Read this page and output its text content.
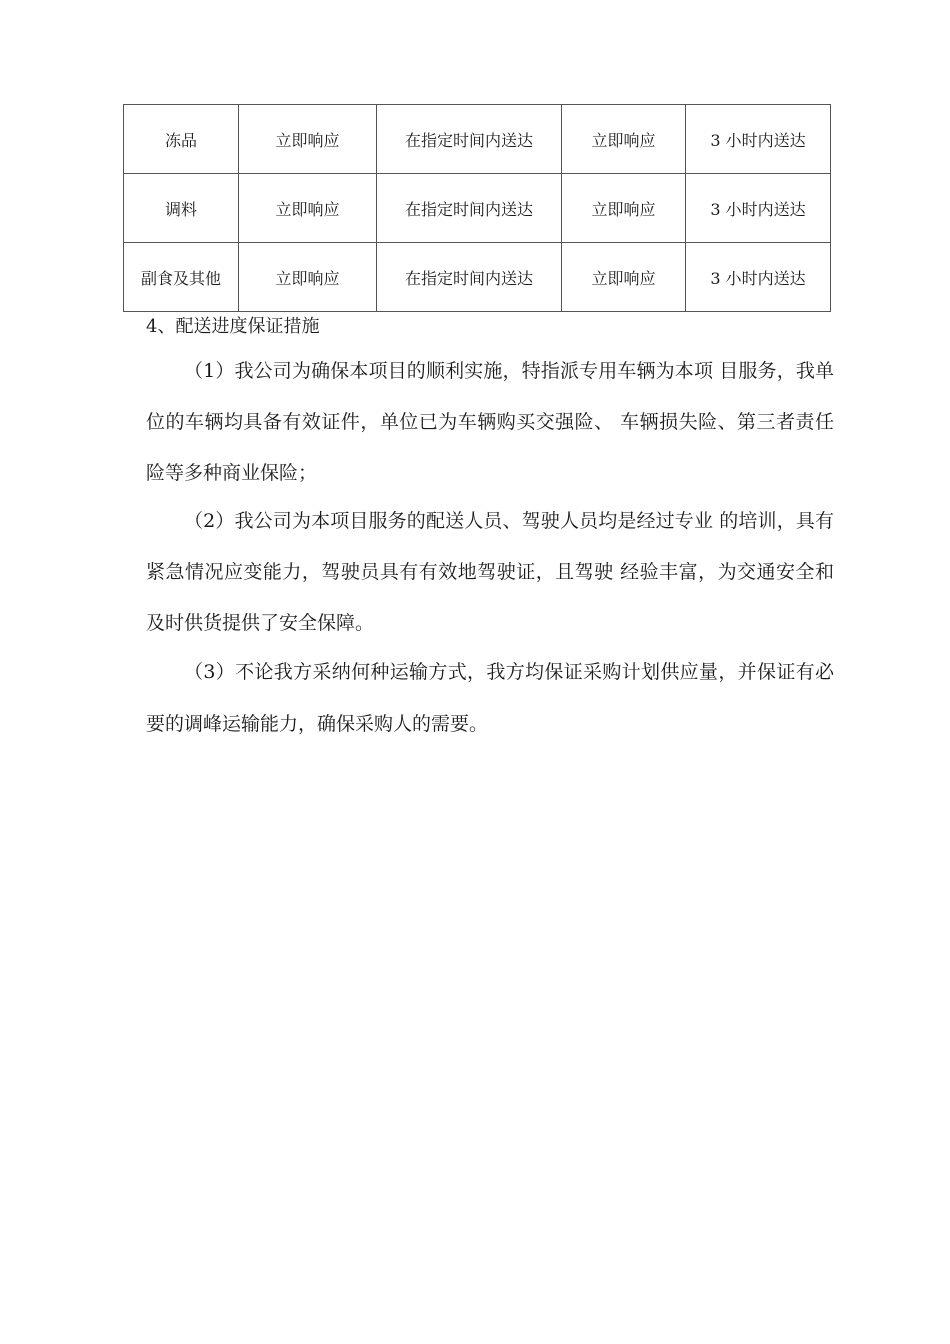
冻品	立即响应	在指定时间内送达	立即响应	3 小时内送达
调料	立即响应	在指定时间内送达	立即响应	3 小时内送达
副食及其他	立即响应	在指定时间内送达	立即响应	3 小时内送达

4、配送进度保证措施

（1）我公司为确保本项目的顺利实施，特指派专用车辆为本项 目服务，我单位的车辆均具备有效证件，单位已为车辆购买交强险、 车辆损失险、第三者责任险等多种商业保险；

（2）我公司为本项目服务的配送人员、驾驶人员均是经过专业 的培训，具有紧急情况应变能力，驾驶员具有有效地驾驶证，且驾驶 经验丰富，为交通安全和及时供货提供了安全保障。

（3）不论我方采纳何种运输方式，我方均保证采购计划供应量，并保证有必要的调峰运输能力，确保采购人的需要。
